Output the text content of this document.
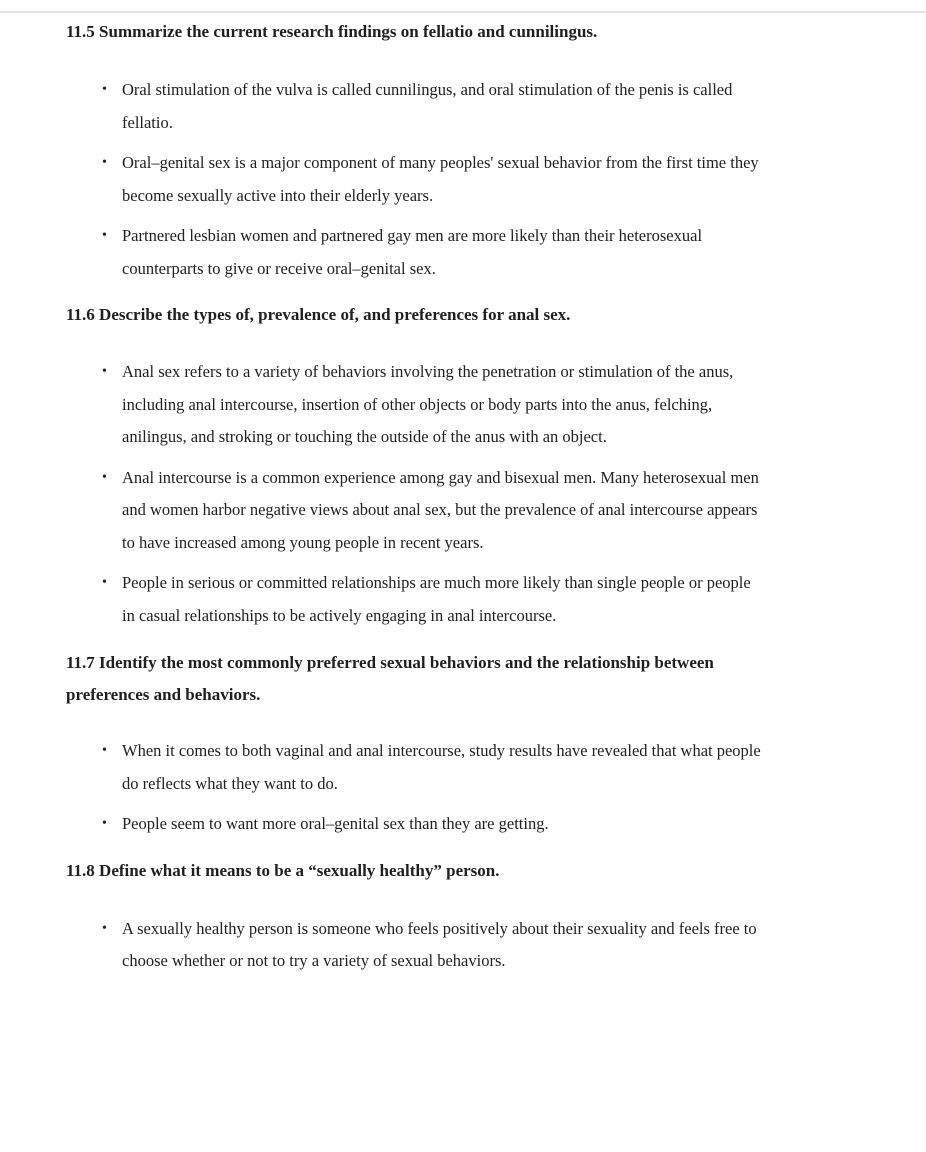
11.5 Summarize the current research findings on fellatio and cunnilingus.

• Oral stimulation of the vulva is called cunnilingus, and oral stimulation of the penis is called fellatio.
• Oral–genital sex is a major component of many peoples' sexual behavior from the first time they become sexually active into their elderly years.
• Partnered lesbian women and partnered gay men are more likely than their heterosexual counterparts to give or receive oral–genital sex.

11.6 Describe the types of, prevalence of, and preferences for anal sex.

• Anal sex refers to a variety of behaviors involving the penetration or stimulation of the anus, including anal intercourse, insertion of other objects or body parts into the anus, felching, anilingus, and stroking or touching the outside of the anus with an object.
• Anal intercourse is a common experience among gay and bisexual men. Many heterosexual men and women harbor negative views about anal sex, but the prevalence of anal intercourse appears to have increased among young people in recent years.
• People in serious or committed relationships are much more likely than single people or people in casual relationships to be actively engaging in anal intercourse.

11.7 Identify the most commonly preferred sexual behaviors and the relationship between preferences and behaviors.

• When it comes to both vaginal and anal intercourse, study results have revealed that what people do reflects what they want to do.
• People seem to want more oral–genital sex than they are getting.

11.8 Define what it means to be a “sexually healthy” person.

• A sexually healthy person is someone who feels positively about their sexuality and feels free to choose whether or not to try a variety of sexual behaviors.
